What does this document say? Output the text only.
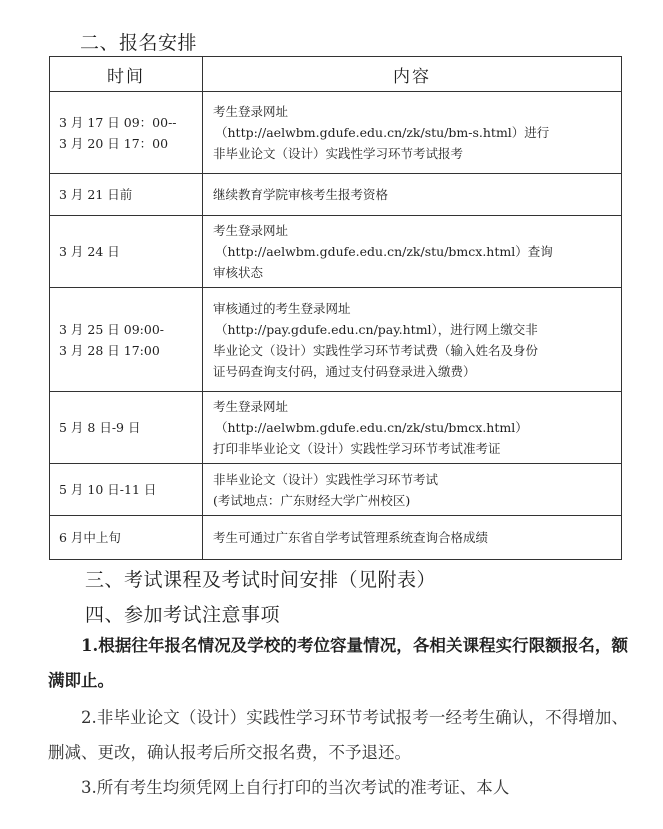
二、报名安排
时间	内容

3 月 17 日 09：00--
3 月 20 日 17：00	考生登录网址
（http://aelwbm.gdufe.edu.cn/zk/stu/bm-s.html）进行
非毕业论文（设计）实践性学习环节考试报考

3 月 21 日前	继续教育学院审核考生报考资格

3 月 24 日	考生登录网址
（http://aelwbm.gdufe.edu.cn/zk/stu/bmcx.html）查询
审核状态

3 月 25 日 09:00-
3 月 28 日 17:00	审核通过的考生登录网址
（http://pay.gdufe.edu.cn/pay.html），进行网上缴交非
毕业论文（设计）实践性学习环节考试费（输入姓名及身份
证号码查询支付码，通过支付码登录进入缴费）

5 月 8 日-9 日	考生登录网址
（http://aelwbm.gdufe.edu.cn/zk/stu/bmcx.html）
打印非毕业论文（设计）实践性学习环节考试准考证

5 月 10 日-11 日	非毕业论文（设计）实践性学习环节考试
(考试地点：广东财经大学广州校区)

6 月中上旬	考生可通过广东省自学考试管理系统查询合格成绩
三、考试课程及考试时间安排（见附表）
四、参加考试注意事项
1.根据往年报名情况及学校的考位容量情况，各相关课程实行限额报名，额满即止。
2.非毕业论文（设计）实践性学习环节考试报考一经考生确认，不得增加、删减、更改，确认报考后所交报名费，不予退还。
3.所有考生均须凭网上自行打印的当次考试的准考证、本人
